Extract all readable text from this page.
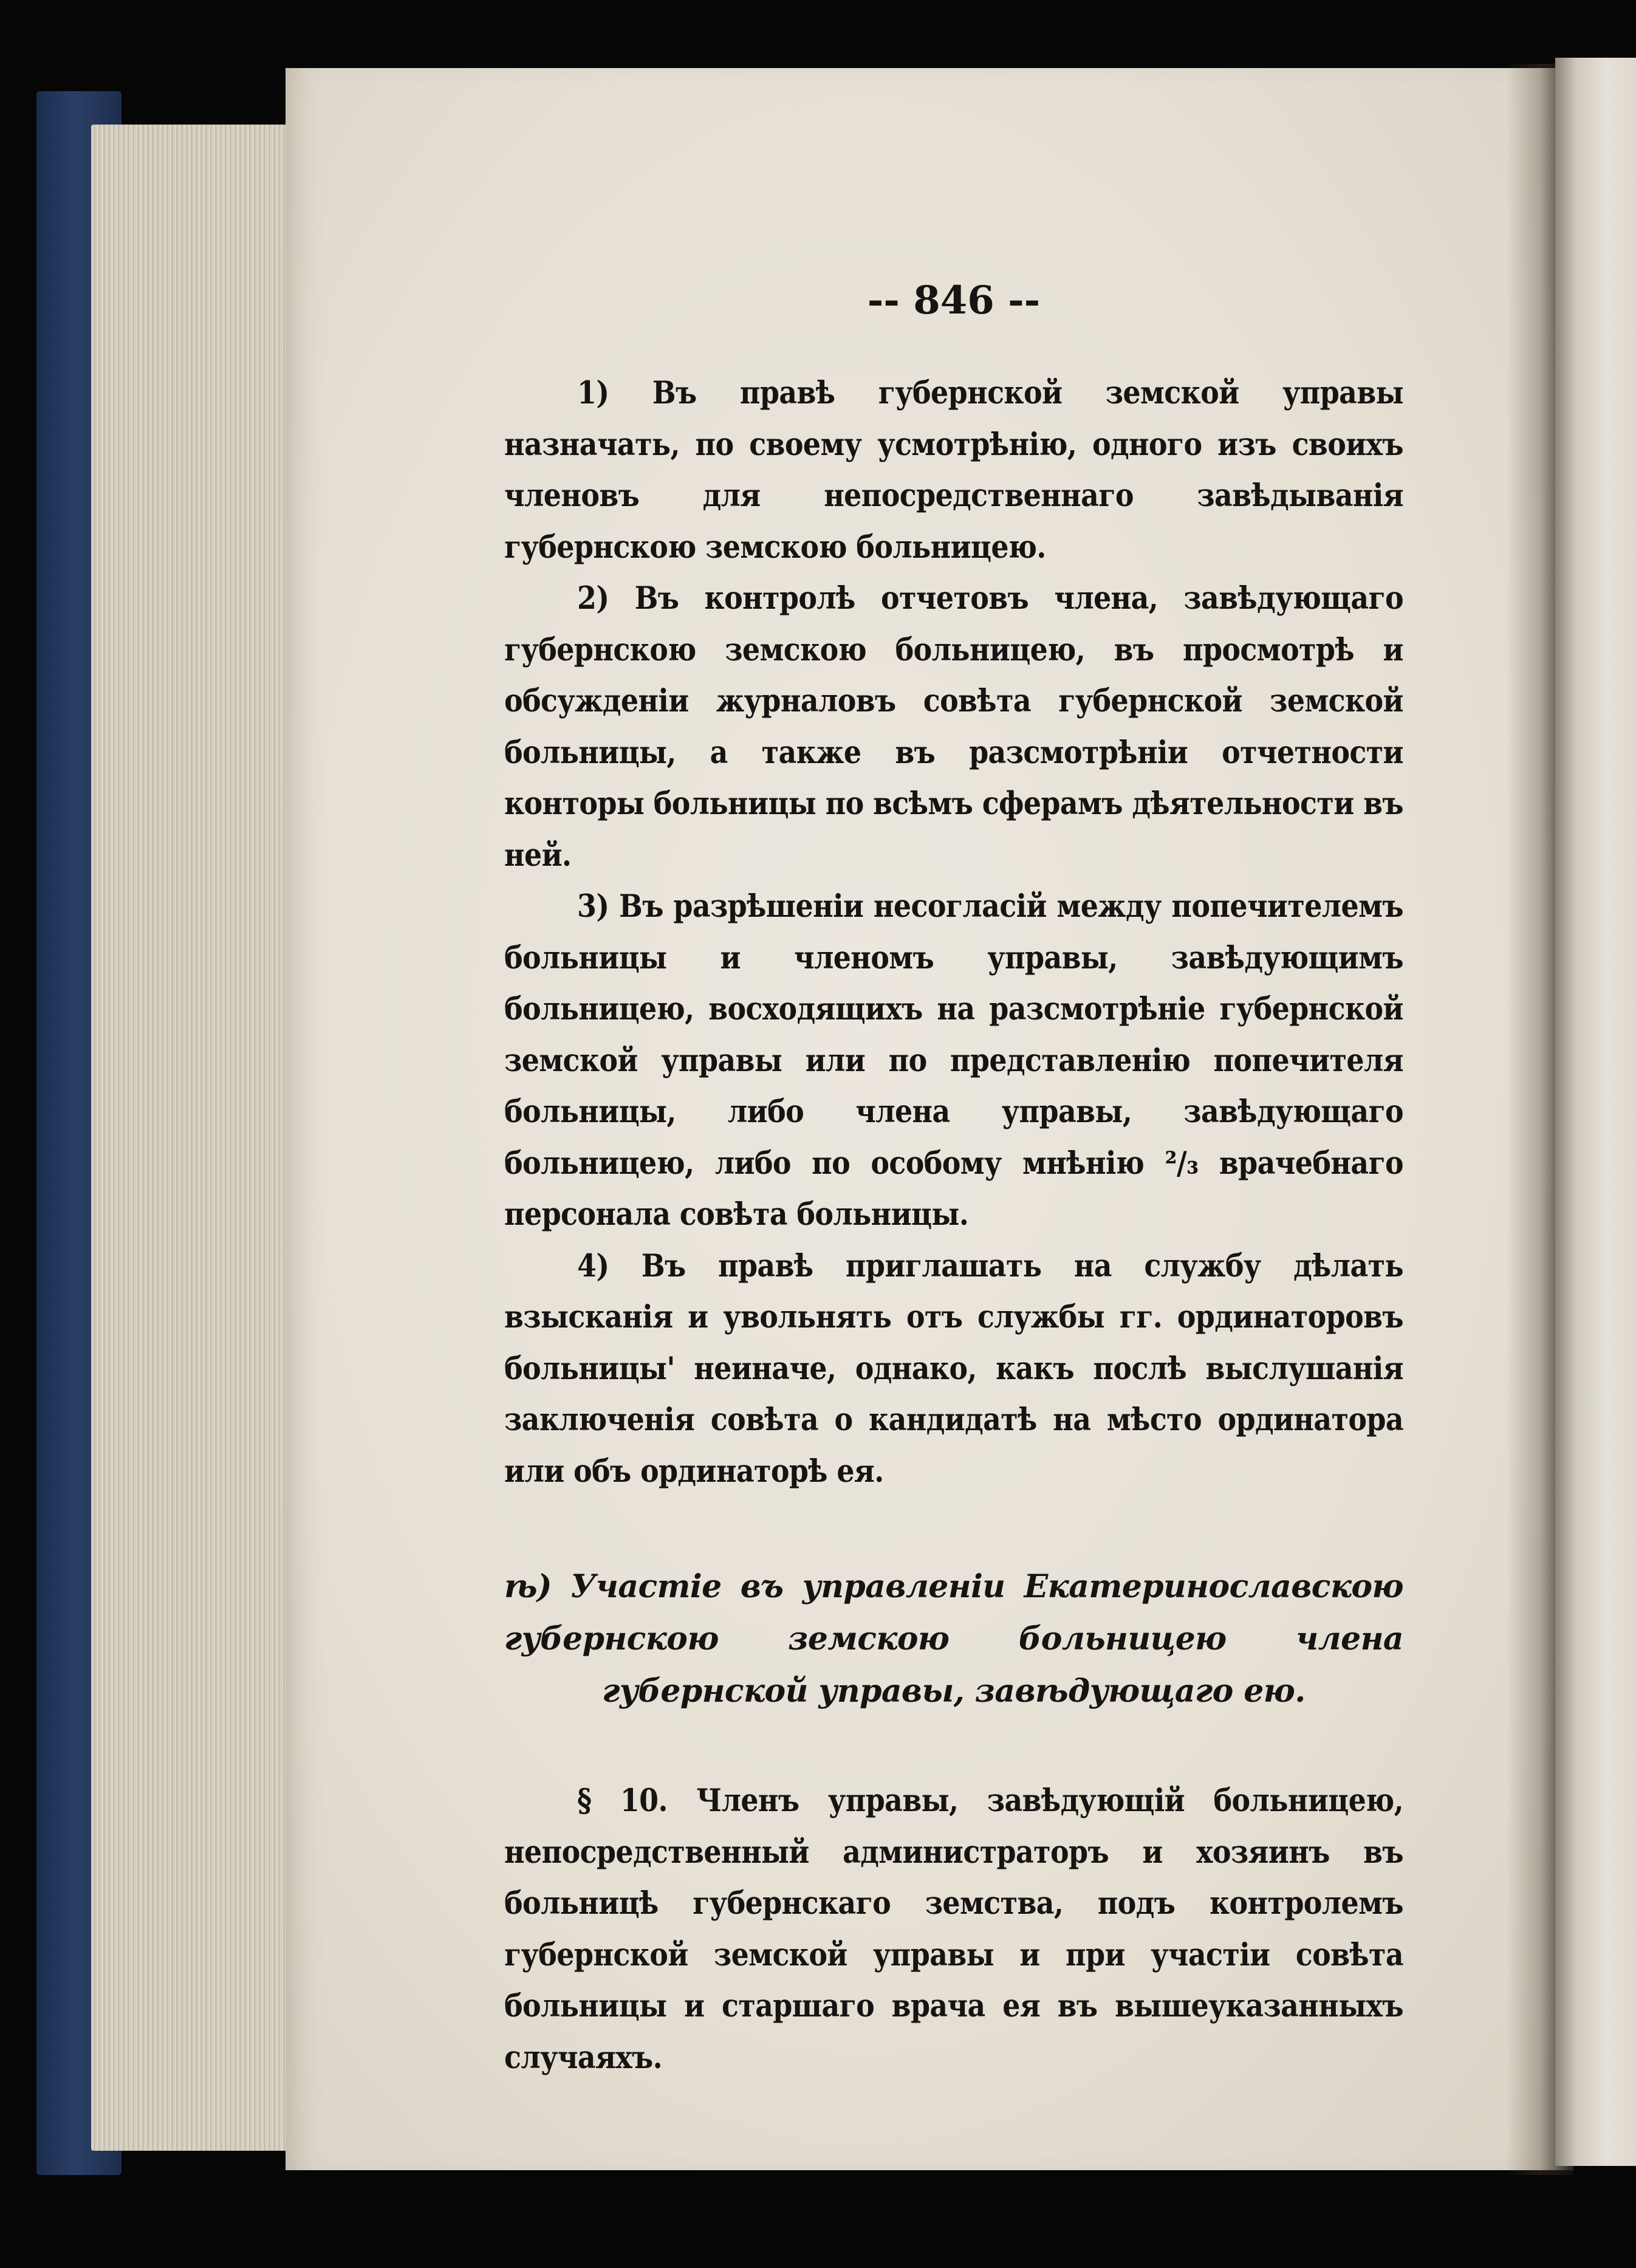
-- 846 --

1) Въ правѣ губернской земской управы назначать, по своему усмотрѣнію, одного изъ своихъ членовъ для непосредственнаго завѣдыванія губернскою земскою больницею.

2) Въ контролѣ отчетовъ члена, завѣдующаго губернскою земскою больницею, въ просмотрѣ и обсужденіи журналовъ совѣта губернской земской больницы, а также въ разсмотрѣніи отчетности конторы больницы по всѣмъ сферамъ дѣятельности въ ней.

3) Въ разрѣшеніи несогласій между попечителемъ больницы и членомъ управы, завѣдующимъ больницею, восходящихъ на разсмотрѣніе губернской земской управы или по представленію попечителя больницы, либо члена управы, завѣдующаго больницею, либо по особому мнѣнію ²/₃ врачебнаго персонала совѣта больницы.

4) Въ правѣ приглашать на службу дѣлать взысканія и увольнять отъ службы гг. ординаторовъ больницы' неиначе, однако, какъ послѣ выслушанія заключенія совѣта о кандидатѣ на мѣсто ординатора или объ ординаторѣ ея.

ѣ) Участіе въ управленіи Екатеринославскою губернскою земскою больницею члена губернской управы, завѣдующаго ею.

§ 10. Членъ управы, завѣдующій больницею, непосредственный администраторъ и хозяинъ въ больницѣ губернскаго земства, подъ контролемъ губернской земской управы и при участіи совѣта больницы и старшаго врача ея въ вышеуказанныхъ случаяхъ.
